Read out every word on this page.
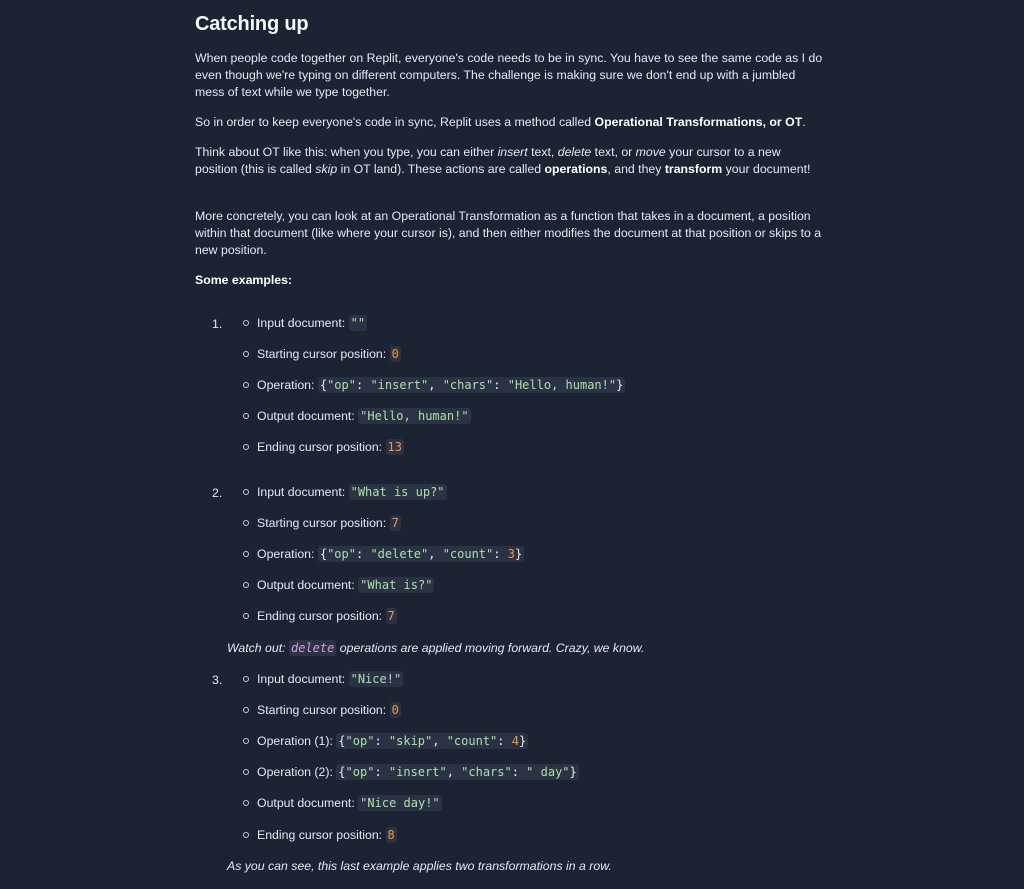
Catching up

When people code together on Replit, everyone's code needs to be in sync. You have to see the same code as I do even though we're typing on different computers. The challenge is making sure we don't end up with a jumbled mess of text while we type together.

So in order to keep everyone's code in sync, Replit uses a method called Operational Transformations, or OT.

Think about OT like this: when you type, you can either insert text, delete text, or move your cursor to a new position (this is called skip in OT land). These actions are called operations, and they transform your document!

More concretely, you can look at an Operational Transformation as a function that takes in a document, a position within that document (like where your cursor is), and then either modifies the document at that position or skips to a new position.

Some examples:
1.	Input document: ""
Starting cursor position: 0
Operation: {"op": "insert", "chars": "Hello, human!"}
Output document: "Hello, human!"
Ending cursor position: 13
2.	Input document: "What is up?"
Starting cursor position: 7
Operation: {"op": "delete", "count": 3}
Output document: "What is?"
Ending cursor position: 7
Watch out: delete operations are applied moving forward. Crazy, we know.
3.	Input document: "Nice!"
Starting cursor position: 0
Operation (1): {"op": "skip", "count": 4}
Operation (2): {"op": "insert", "chars": " day"}
Output document: "Nice day!"
Ending cursor position: 8
As you can see, this last example applies two transformations in a row.
